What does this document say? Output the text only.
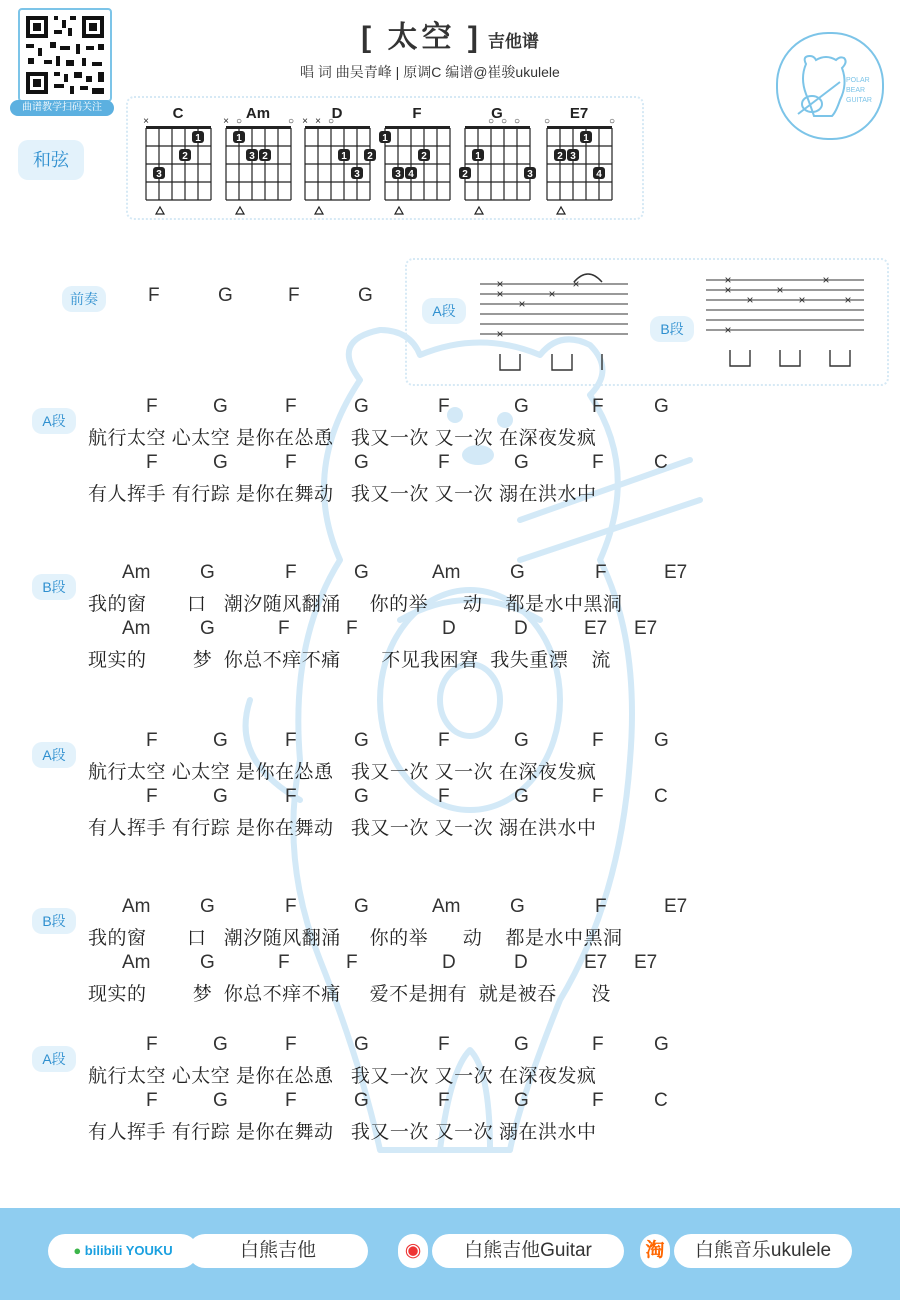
曲谱教学扫码关注
[ 太空 ] 吉他谱
唱 词 曲吴青峰 | 原调C 编谱@崔骏ukulele
POLAR
BEAR
GUITAR
和弦
C
×
1
2
3
Am
× ○	○
1
2
3
D
× × ○
1 2
3
F
1
2
3 4
G
○ ○ ○
1
2	3
E7
○	○
1
2 3
4
前奏	F	G	F	G
A段
B段
×
×
×
×
×
×
×
×
×
×
×
×
×
×
A段
F	G	F	G	F	G	F	G
航行太空 心太空 是你在怂恿   我又一次 又一次 在深夜发疯
F	G	F	G	F	G	F	C
有人挥手 有行踪 是你在舞动   我又一次 又一次 溺在洪水中
B段
Am	G	F	G	Am	G	F	E7
我的窗       口   潮汐随风翻涌     你的举      动    都是水中黑洞
Am	G	F	F	D	D	E7 E7
现实的        梦  你总不痒不痛       不见我困窘  我失重漂    流
A段
F	G	F	G	F	G	F	G
航行太空 心太空 是你在怂恿   我又一次 又一次 在深夜发疯
F	G	F	G	F	G	F	C
有人挥手 有行踪 是你在舞动   我又一次 又一次 溺在洪水中
B段
Am	G	F	G	Am	G	F	E7
我的窗       口   潮汐随风翻涌     你的举      动    都是水中黑洞
Am	G	F	F	D	D	E7 E7
现实的        梦  你总不痒不痛     爱不是拥有  就是被吞      没
A段
F	G	F	G	F	G	F	G
航行太空 心太空 是你在怂恿   我又一次 又一次 在深夜发疯
F	G	F	G	F	G	F	C
有人挥手 有行踪 是你在舞动   我又一次 又一次 溺在洪水中
● bilibili YOUKU	白熊吉他	◉	白熊吉他Guitar	淘	白熊音乐ukulele
